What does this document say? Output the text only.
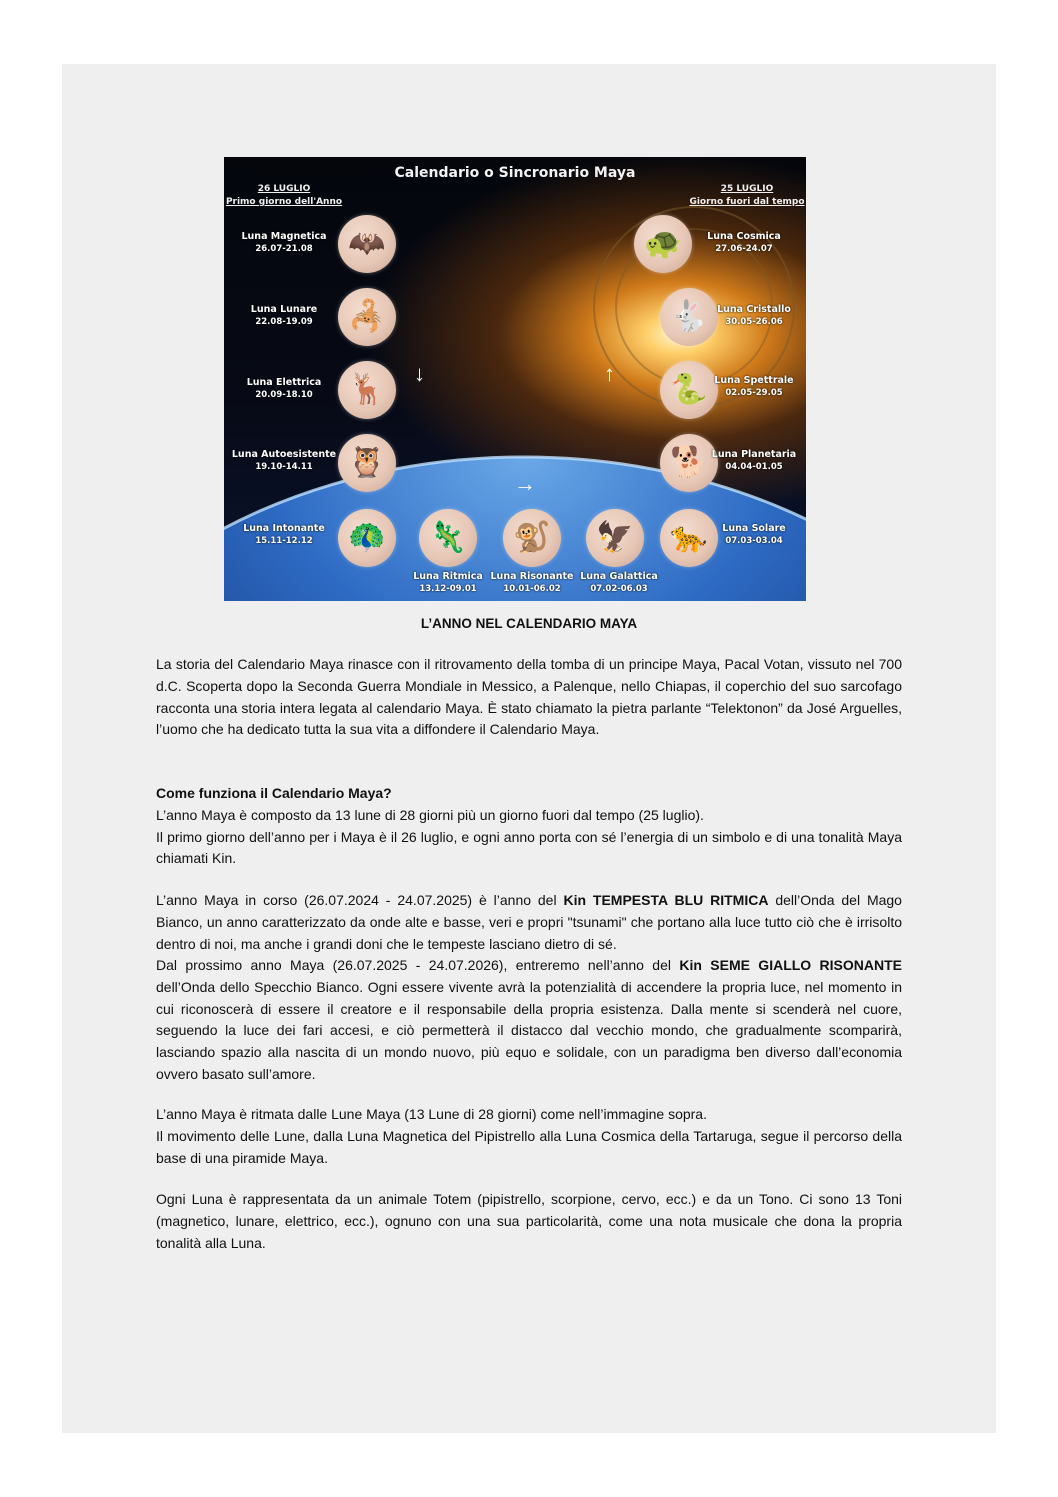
Calendario o Sincronario Maya
26 LUGLIO
Primo giorno dell'Anno
25 LUGLIO
Giorno fuori dal tempo
Luna Magnetica
26.07-21.08	🦇
Luna Lunare
22.08-19.09	🦂
Luna Elettrica
20.09-18.10	🦌
Luna Autoesistente
19.10-14.11	🦉
Luna Intonante
15.11-12.12	🦚	🦎
Luna Ritmica
13.12-09.01
🐒
Luna Risonante
10.01-06.02
🦅
Luna Galattica
07.02-06.03
🐆	Luna Solare
07.03-03.04
🐕 Luna Planetaria
04.04-01.05
🐍 Luna Spettrale
02.05-29.05
🐇 Luna Cristallo
30.05-26.06
🐢	Luna Cosmica
27.06-24.07
↓	↑
→
L’ANNO NEL CALENDARIO MAYA

La storia del Calendario Maya rinasce con il ritrovamento della tomba di un principe Maya, Pacal Votan, vissuto nel 700 d.C. Scoperta dopo la Seconda Guerra Mondiale in Messico, a Palenque, nello Chiapas, il coperchio del suo sarcofago racconta una storia intera legata al calendario Maya. È stato chiamato la pietra parlante “Telektonon” da José Arguelles, l’uomo che ha dedicato tutta la sua vita a diffondere il Calendario Maya.

Come funziona il Calendario Maya?
L’anno Maya è composto da 13 lune di 28 giorni più un giorno fuori dal tempo (25 luglio).
Il primo giorno dell’anno per i Maya è il 26 luglio, e ogni anno porta con sé l’energia di un simbolo e di una tonalità Maya chiamati Kin.
L’anno Maya in corso (26.07.2024 - 24.07.2025) è l’anno del Kin TEMPESTA BLU RITMICA dell’Onda del Mago Bianco, un anno caratterizzato da onde alte e basse, veri e propri "tsunami" che portano alla luce tutto ciò che è irrisolto dentro di noi, ma anche i grandi doni che le tempeste lasciano dietro di sé.
Dal prossimo anno Maya (26.07.2025 - 24.07.2026), entreremo nell’anno del Kin SEME GIALLO RISONANTE dell’Onda dello Specchio Bianco. Ogni essere vivente avrà la potenzialità di accendere la propria luce, nel momento in cui riconoscerà di essere il creatore e il responsabile della propria esistenza. Dalla mente si scenderà nel cuore, seguendo la luce dei fari accesi, e ciò permetterà il distacco dal vecchio mondo, che gradualmente scomparirà, lasciando spazio alla nascita di un mondo nuovo, più equo e solidale, con un paradigma ben diverso dall’economia ovvero basato sull’amore.
L’anno Maya è ritmata dalle Lune Maya (13 Lune di 28 giorni) come nell’immagine sopra.
Il movimento delle Lune, dalla Luna Magnetica del Pipistrello alla Luna Cosmica della Tartaruga, segue il percorso della base di una piramide Maya.

Ogni Luna è rappresentata da un animale Totem (pipistrello, scorpione, cervo, ecc.) e da un Tono. Ci sono 13 Toni (magnetico, lunare, elettrico, ecc.), ognuno con una sua particolarità, come una nota musicale che dona la propria tonalità alla Luna.
